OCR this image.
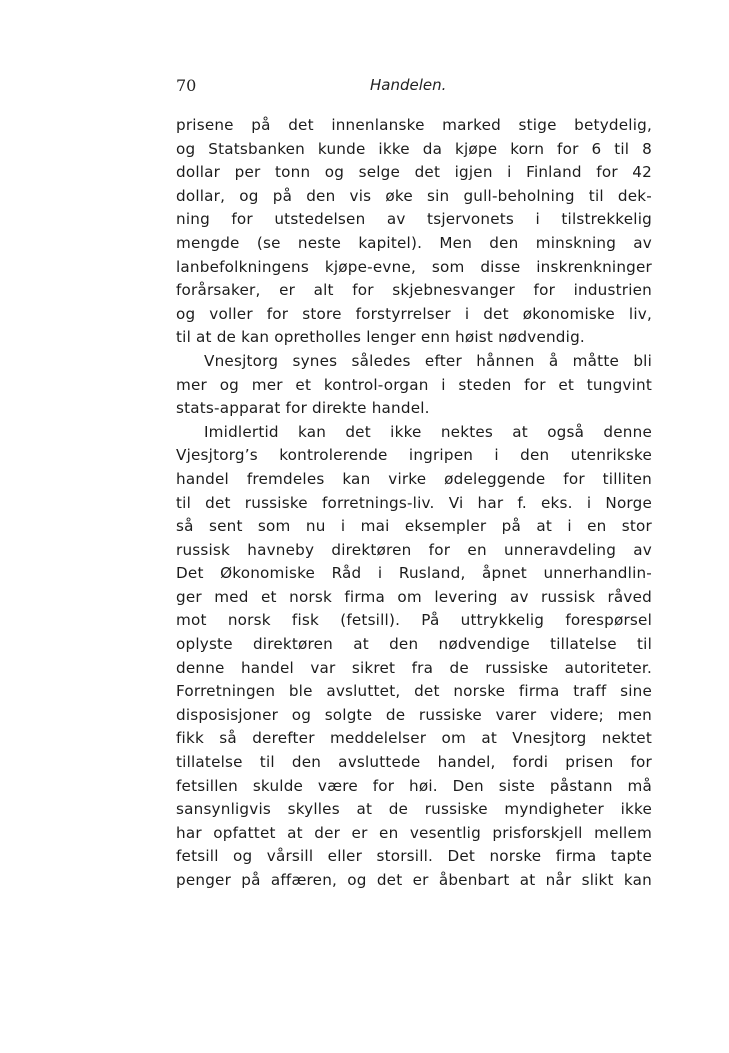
70	Handelen.
prisene på det innenlanske marked stige betydelig,
og Statsbanken kunde ikke da kjøpe korn for 6 til 8
dollar per tonn og selge det igjen i Finland for 42
dollar, og på den vis øke sin gull-beholning til dek-
ning for utstedelsen av tsjervonets i tilstrekkelig
mengde (se neste kapitel). Men den minskning av
lanbefolkningens kjøpe-evne, som disse inskrenkninger
forårsaker, er alt for skjebnesvanger for industrien
og voller for store forstyrrelser i det økonomiske liv,
til at de kan opretholles lenger enn høist nødvendig.
Vnesjtorg synes således efter hånnen å måtte bli
mer og mer et kontrol-organ i steden for et tungvint
stats-apparat for direkte handel.
Imidlertid kan det ikke nektes at også denne
Vjesjtorg’s kontrolerende ingripen i den utenrikske
handel fremdeles kan virke ødeleggende for tilliten
til det russiske forretnings-liv. Vi har f. eks. i Norge
så sent som nu i mai eksempler på at i en stor
russisk havneby direktøren for en unneravdeling av
Det Økonomiske Råd i Rusland, åpnet unnerhandlin-
ger med et norsk firma om levering av russisk råved
mot norsk fisk (fetsill). På uttrykkelig forespørsel
oplyste direktøren at den nødvendige tillatelse til
denne handel var sikret fra de russiske autoriteter.
Forretningen ble avsluttet, det norske firma traff sine
disposisjoner og solgte de russiske varer videre; men
fikk så derefter meddelelser om at Vnesjtorg nektet
tillatelse til den avsluttede handel, fordi prisen for
fetsillen skulde være for høi. Den siste påstann må
sansynligvis skylles at de russiske myndigheter ikke
har opfattet at der er en vesentlig prisforskjell mellem
fetsill og vårsill eller storsill. Det norske firma tapte
penger på affæren, og det er åbenbart at når slikt kan
